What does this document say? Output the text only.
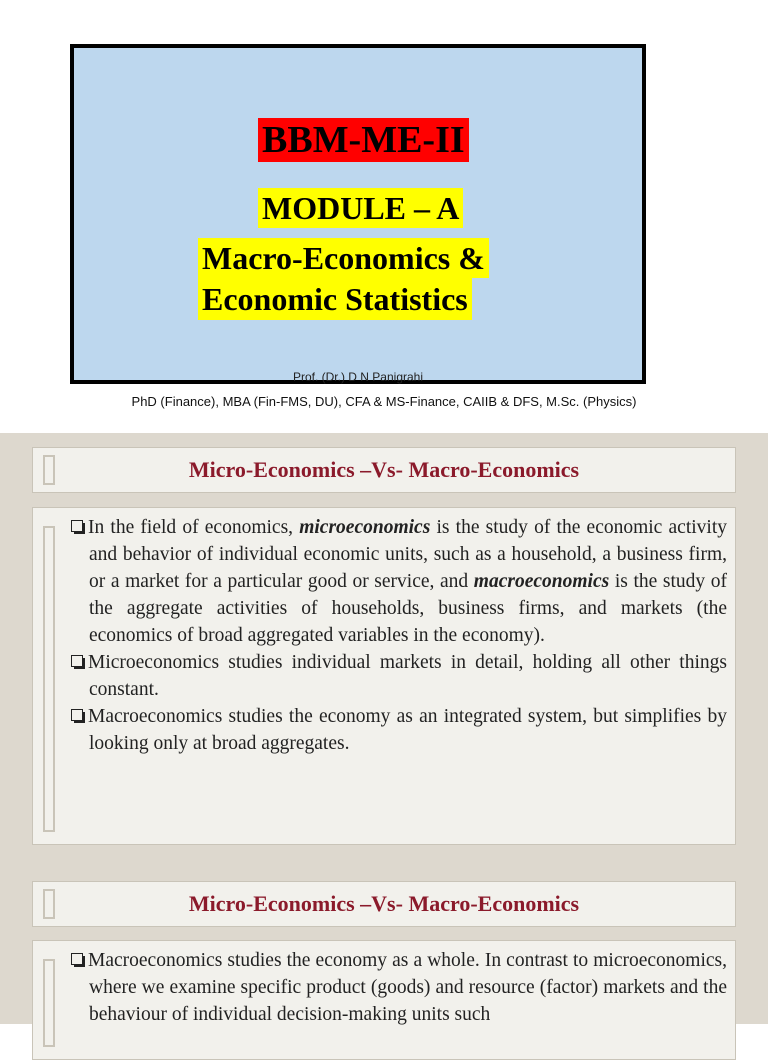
BBM-ME-II
MODULE – A
Macro-Economics &
Economic Statistics
Prof. (Dr.) D N Panigrahi
PhD (Finance), MBA (Fin-FMS, DU), CFA & MS-Finance, CAIIB & DFS, M.Sc. (Physics)
Micro-Economics –Vs- Macro-Economics

In the field of economics, microeconomics is the study of the economic activity and behavior of individual economic units, such as a household, a business firm, or a market for a particular good or service, and macroeconomics is the study of the aggregate activities of households, business firms, and markets (the economics of broad aggregated variables in the economy).

Microeconomics studies individual markets in detail, holding all other things constant.

Macroeconomics studies the economy as an integrated system, but simplifies by looking only at broad aggregates.

Micro-Economics –Vs- Macro-Economics

Macroeconomics studies the economy as a whole. In contrast to microeconomics, where we examine specific product (goods) and resource (factor) markets and the behaviour of individual decision-making units such
